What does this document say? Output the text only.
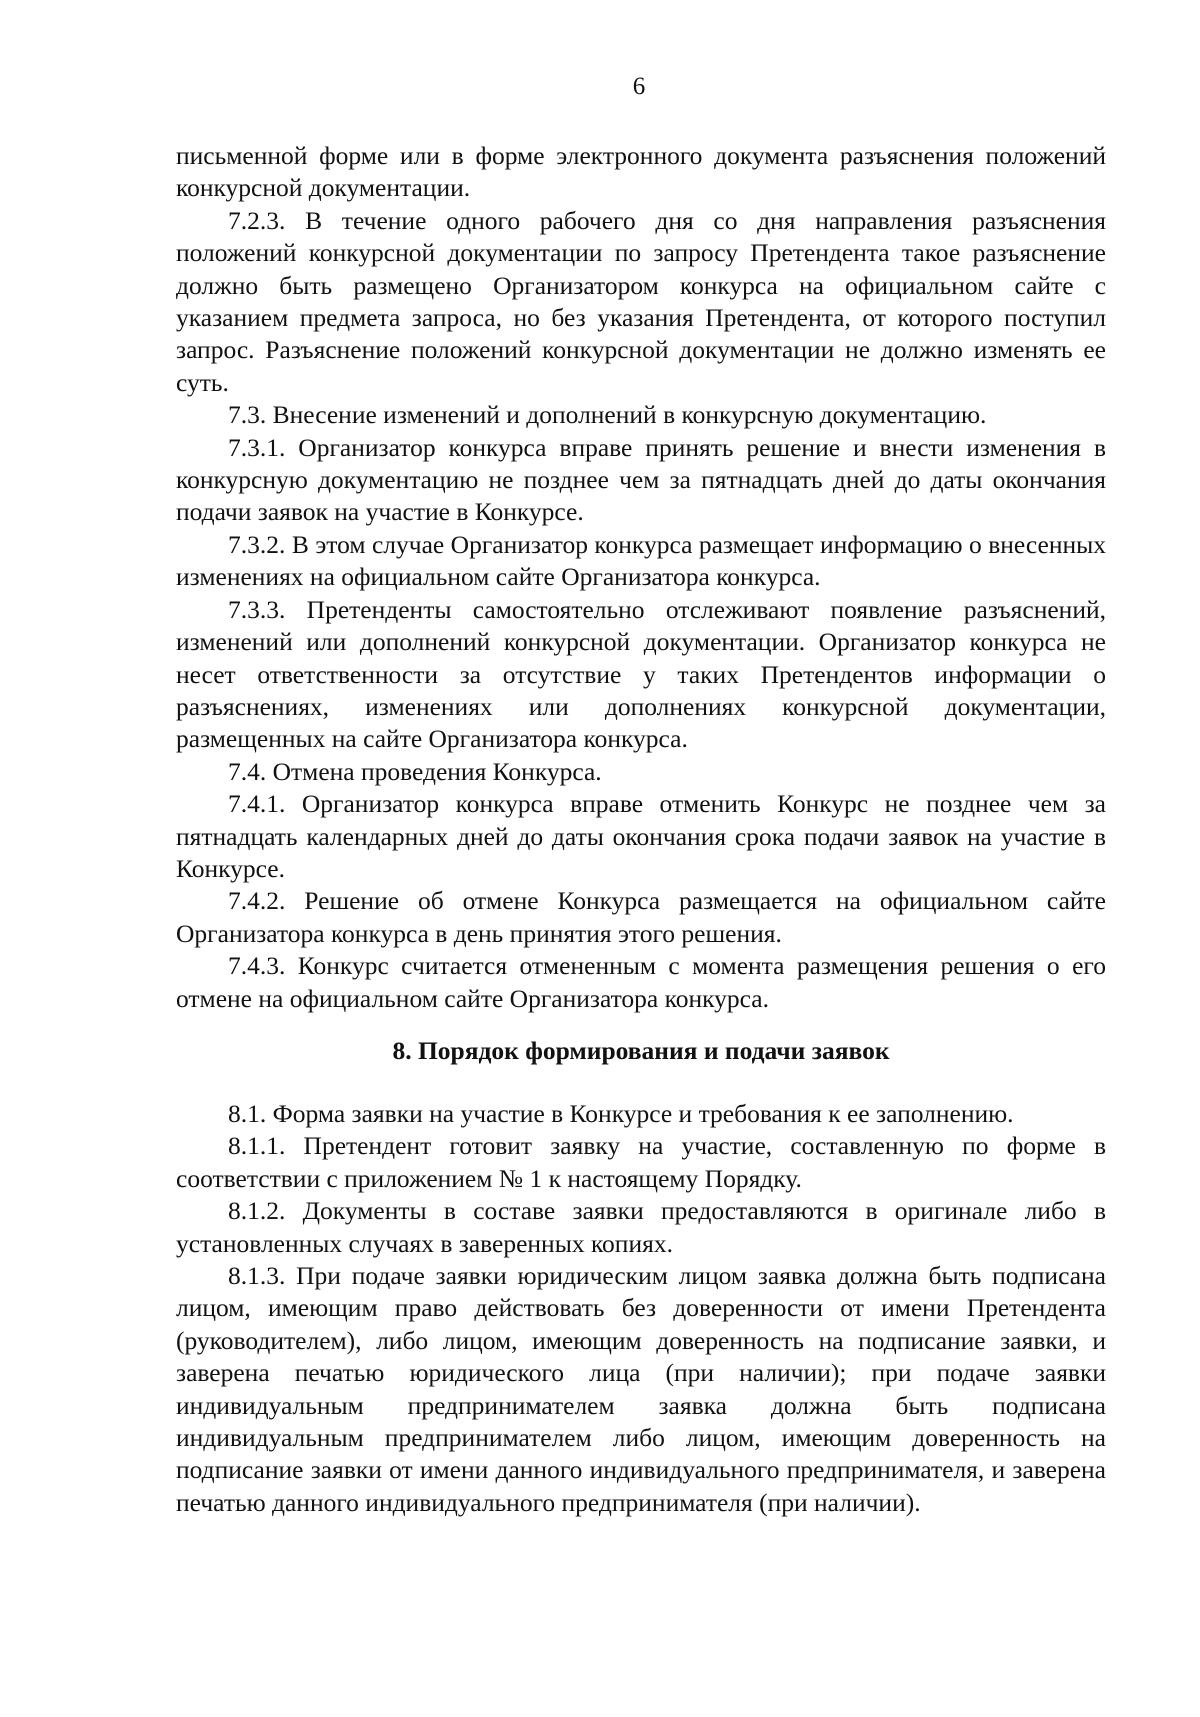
6

письменной форме или в форме электронного документа разъяснения положений конкурсной документации.

7.2.3. В течение одного рабочего дня со дня направления разъяснения положений конкурсной документации по запросу Претендента такое разъяснение должно быть размещено Организатором конкурса на официальном сайте с указанием предмета запроса, но без указания Претендента, от которого поступил запрос. Разъяснение положений конкурсной документации не должно изменять ее суть.

7.3. Внесение изменений и дополнений в конкурсную документацию.

7.3.1. Организатор конкурса вправе принять решение и внести изменения в конкурсную документацию не позднее чем за пятнадцать дней до даты окончания подачи заявок на участие в Конкурсе.

7.3.2. В этом случае Организатор конкурса размещает информацию о внесенных изменениях на официальном сайте Организатора конкурса.

7.3.3. Претенденты самостоятельно отслеживают появление разъяснений, изменений или дополнений конкурсной документации. Организатор конкурса не несет ответственности за отсутствие у таких Претендентов информации о разъяснениях, изменениях или дополнениях конкурсной документации, размещенных на сайте Организатора конкурса.

7.4. Отмена проведения Конкурса.

7.4.1. Организатор конкурса вправе отменить Конкурс не позднее чем за пятнадцать календарных дней до даты окончания срока подачи заявок на участие в Конкурсе.

7.4.2. Решение об отмене Конкурса размещается на официальном сайте Организатора конкурса в день принятия этого решения.

7.4.3. Конкурс считается отмененным с момента размещения решения о его отмене на официальном сайте Организатора конкурса.

8. Порядок формирования и подачи заявок

8.1. Форма заявки на участие в Конкурсе и требования к ее заполнению.

8.1.1. Претендент готовит заявку на участие, составленную по форме в соответствии с приложением № 1 к настоящему Порядку.

8.1.2. Документы в составе заявки предоставляются в оригинале либо в установленных случаях в заверенных копиях.

8.1.3. При подаче заявки юридическим лицом заявка должна быть подписана лицом, имеющим право действовать без доверенности от имени Претендента (руководителем), либо лицом, имеющим доверенность на подписание заявки, и заверена печатью юридического лица (при наличии); при подаче заявки индивидуальным предпринимателем заявка должна быть подписана индивидуальным предпринимателем либо лицом, имеющим доверенность на подписание заявки от имени данного индивидуального предпринимателя, и заверена печатью данного индивидуального предпринимателя (при наличии).
